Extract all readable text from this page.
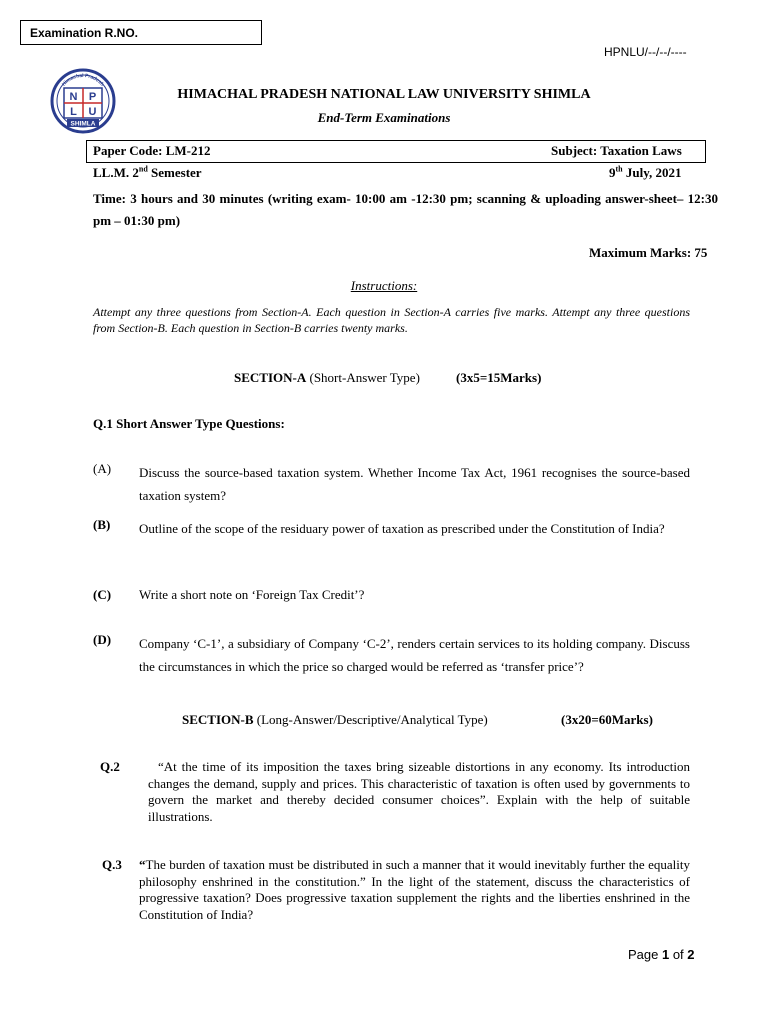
Examination R.NO.
HPNLU/--/--/----
Himachal Pradesh
N P
L U
SHIMLA
HIMACHAL PRADESH NATIONAL LAW UNIVERSITY SHIMLA
End-Term Examinations
Paper Code: LM-212	Subject: Taxation Laws
LL.M. 2nd Semester	9th July, 2021
Time: 3 hours and 30 minutes (writing exam- 10:00 am -12:30 pm; scanning & uploading answer-sheet– 12:30 pm – 01:30 pm)
Maximum Marks: 75
Instructions:
Attempt any three questions from Section-A. Each question in Section-A carries five marks. Attempt any three questions from Section-B. Each question in Section-B carries twenty marks.
SECTION-A (Short-Answer Type)	(3x5=15Marks)
Q.1 Short Answer Type Questions:
(A) Discuss the source-based taxation system. Whether Income Tax Act, 1961 recognises the source-based taxation system?
(B) Outline of the scope of the residuary power of taxation as prescribed under the Constitution of India?
(C) Write a short note on ‘Foreign Tax Credit’?
(D) Company ‘C-1’, a subsidiary of Company ‘C-2’, renders certain services to its holding company. Discuss the circumstances in which the price so charged would be referred as ‘transfer price’?
SECTION-B (Long-Answer/Descriptive/Analytical Type)	(3x20=60Marks)
Q.2	“At the time of its imposition the taxes bring sizeable distortions in any economy. Its introduction changes the demand, supply and prices. This characteristic of taxation is often used by governments to govern the market and thereby decided consumer choices”. Explain with the help of suitable illustrations.
Q.3 “The burden of taxation must be distributed in such a manner that it would inevitably further the equality philosophy enshrined in the constitution.” In the light of the statement, discuss the characteristics of progressive taxation? Does progressive taxation supplement the rights and the liberties enshrined in the Constitution of India?
Page 1 of 2
